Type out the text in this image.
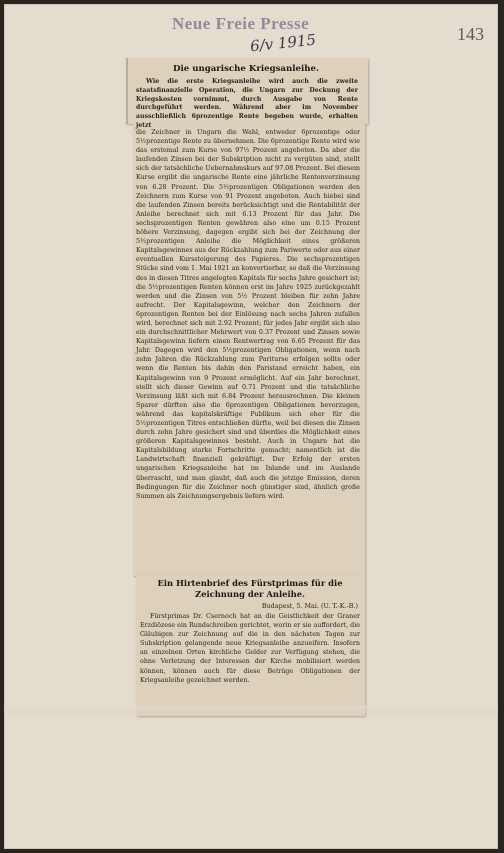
Neue Freie Presse
143
6/v 1915
Die ungarische Kriegsanleihe.
Wie die erste Kriegsanleihe wird auch die zweite staatsfinanzielle Operation, die Ungarn zur Deckung der Kriegskosten vornimmt, durch Ausgabe von Rente durchgeführt werden. Während aber im November ausschließlich 6prozentige Rente begeben wurde, erhalten jetzt
die Zeichner in Ungarn die Wahl, entweder 6prozentige oder 5½prozentige Rente zu übernehmen. Die 6prozentige Rente wird wie das erstemal zum Kurse von 97½ Prozent angeboten. Da aber die laufenden Zinsen bei der Subskription nicht zu vergüten sind, stellt sich der tatsächliche Uebernahmskurs auf 97.08 Prozent. Bei diesem Kurse ergibt die ungarische Rente eine jährliche Rentenverzinsung von 6.28 Prozent. Die 5½prozentigen Obligationen werden den Zeichnern zum Kurse von 91 Prozent angeboten. Auch hiebei sind die laufenden Zinsen bereits berücksichtigt und die Rentabilität der Anleihe berechnet sich mit 6.13 Prozent für das Jahr. Die sechsprozentigen Renten gewähren also eine um 0.15 Prozent höhere Verzinsung, dagegen ergibt sich bei der Zeichnung der 5½prozentigen Anleihe die Möglichkeit eines größeren Kapitalsgewinnes aus der Rückzahlung zum Pariwerte oder aus einer eventuellen Kurssteigerung des Papieres. Die sechsprozentigen Stücke sind vom 1. Mai 1921 an konvertierbar, so daß die Verzinsung des in diesen Titres angelegten Kapitals für sechs Jahre gesichert ist; die 5½prozentigen Renten können erst im Jahre 1925 zurückgezahlt werden und die Zinsen von 5½ Prozent bleiben für zehn Jahre aufrecht. Der Kapitalsgewinn, welcher den Zeichnern der 6prozentigen Renten bei der Einlösung nach sechs Jahren zufallen wird, berechnet sich mit 2.92 Prozent; für jedes Jahr ergibt sich also ein durchschnittlicher Mehrwert von 0.37 Prozent und Zinsen sowie Kapitalsgewinn liefern einen Rentwertrag von 6.65 Prozent für das Jahr. Dagegen wird den 5½prozentigen Obligationen, wenn nach zehn Jahren die Rückzahlung zum Pariturse erfolgen sollte oder wenn die Renten bis dahin den Paristand erreicht haben, ein Kapitalsgewinn von 9 Prozent ermöglicht. Auf ein Jahr berechnet, stellt sich dieser Gewinn auf 0.71 Prozent und die tatsächliche Verzinsung läßt sich mit 6.84 Prozent herausrechnen. Die kleinen Sparer dürften also die 6prozentigen Obligationen bevorzugen, während das kapitalskräftige Publikum sich eher für die 5½prozentigen Titres entschließen dürfte, weil bei diesen die Zinsen durch zehn Jahre gesichert sind und überdies die Möglichkeit eines größeren Kapitalsgewinnes besteht. Auch in Ungarn hat die Kapitalsbildung starke Fortschritte gemacht; namentlich ist die Landwirtschaft finanziell gekräftigt. Der Erfolg der ersten ungarischen Kriegsanleihe hat im Inlande und im Auslande überrascht, und man glaubt, daß auch die jetzige Emission, deren Bedingungen für die Zeichner noch günstiger sind, ähnlich große Summen als Zeichnungsergebnis liefern wird.
Ein Hirtenbrief des Fürstprimas für die Zeichnung der Anleihe.
Budapest, 5. Mai. (U. T.-K.-B.)
Fürstprimas Dr. Csernoch hat an die Geistlichkeit der Graner Erzdiözese ein Rundschreiben gerichtet, worin er sie auffordert, die Gläubigen zur Zeichnung auf die in den nächsten Tagen zur Subskription gelangende neue Kriegsanleihe anzueifern. Insofern an einzelnen Orten kirchliche Gelder zur Verfügung stehen, die ohne Verletzung der Interessen der Kirche mobilisiert werden können, können auch für diese Beträge Obligationen der Kriegsanleihe gezeichnet werden.
